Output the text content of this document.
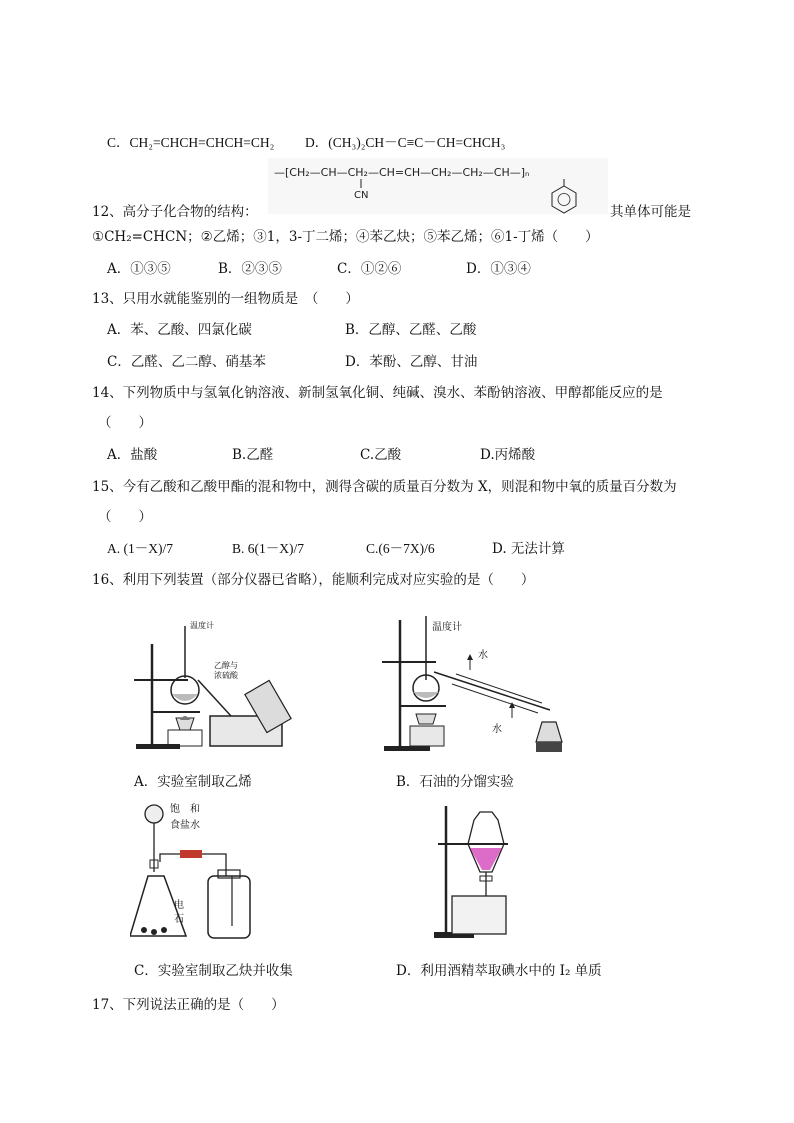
C．CH₂=CHCH=CHCH=CH₂ D．(CH₃)₂CH－C≡C－CH=CHCH₃
12、高分子化合物的结构：
—[CH₂—CH—CH₂—CH=CH—CH₂—CH₂—CH—]ₙ
CN
其单体可能是
①CH₂=CHCN；②乙烯；③1，3-丁二烯；④苯乙炔；⑤苯乙烯；⑥1-丁烯（　　）
A．①③⑤	B．②③⑤	C．①②⑥	D．①③④
13、只用水就能鉴别的一组物质是　（　　）
A．苯、乙酸、四氯化碳	B．乙醇、乙醛、乙酸
C．乙醛、乙二醇、硝基苯	D．苯酚、乙醇、甘油
14、下列物质中与氢氧化钠溶液、新制氢氧化铜、纯碱、溴水、苯酚钠溶液、甲醇都能反应的是
（　　）
A．盐酸	B.乙醛	C.乙酸	D.丙烯酸
15、今有乙酸和乙酸甲酯的混和物中，测得含碳的质量百分数为 X，则混和物中氧的质量百分数为
（　　）
A. (1－X)/7	B. 6(1－X)/7	C.(6－7X)/6	D. 无法计算
16、利用下列装置（部分仪器已省略），能顺利完成对应实验的是（　　）
温度计
乙醇与
浓硫酸
A．实验室制取乙烯
温度计
水
水
B．石油的分馏实验
饱　和
食盐水
电
石
C．实验室制取乙炔并收集	D．利用酒精萃取碘水中的 I₂ 单质
17、下列说法正确的是（　　）
